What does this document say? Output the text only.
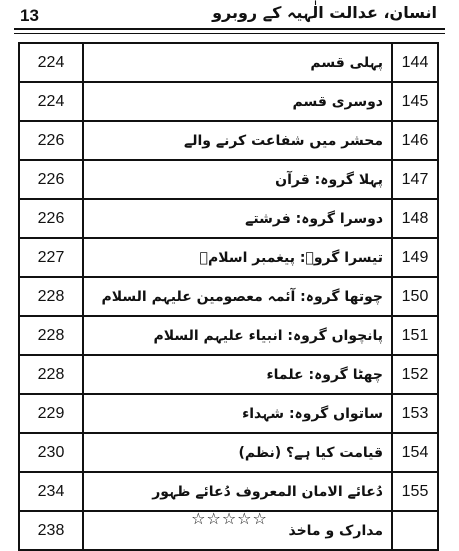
13	انسان، عدالت الٰہیہ کے روبرو
224	پہلی قسم	144
224	دوسری قسم	145
226	محشر میں شفاعت کرنے والے	146
226	پہلا گروہ: قرآن	147
226	دوسرا گروہ: فرشتے	148
227	تیسرا گروہ: پیغمبر اسلامؐ	149
228	چوتھا گروہ: آئمہ معصومین علیہم السلام	150
228	پانچواں گروہ: انبیاء علیہم السلام	151
228	چھٹا گروہ: علماء	152
229	ساتواں گروہ: شہداء	153
230	قیامت کیا ہے؟ (نظم)	154
234	دُعائے الامان المعروف دُعائے ظہور	155
238	مدارک و ماخذ	
☆☆☆☆☆
